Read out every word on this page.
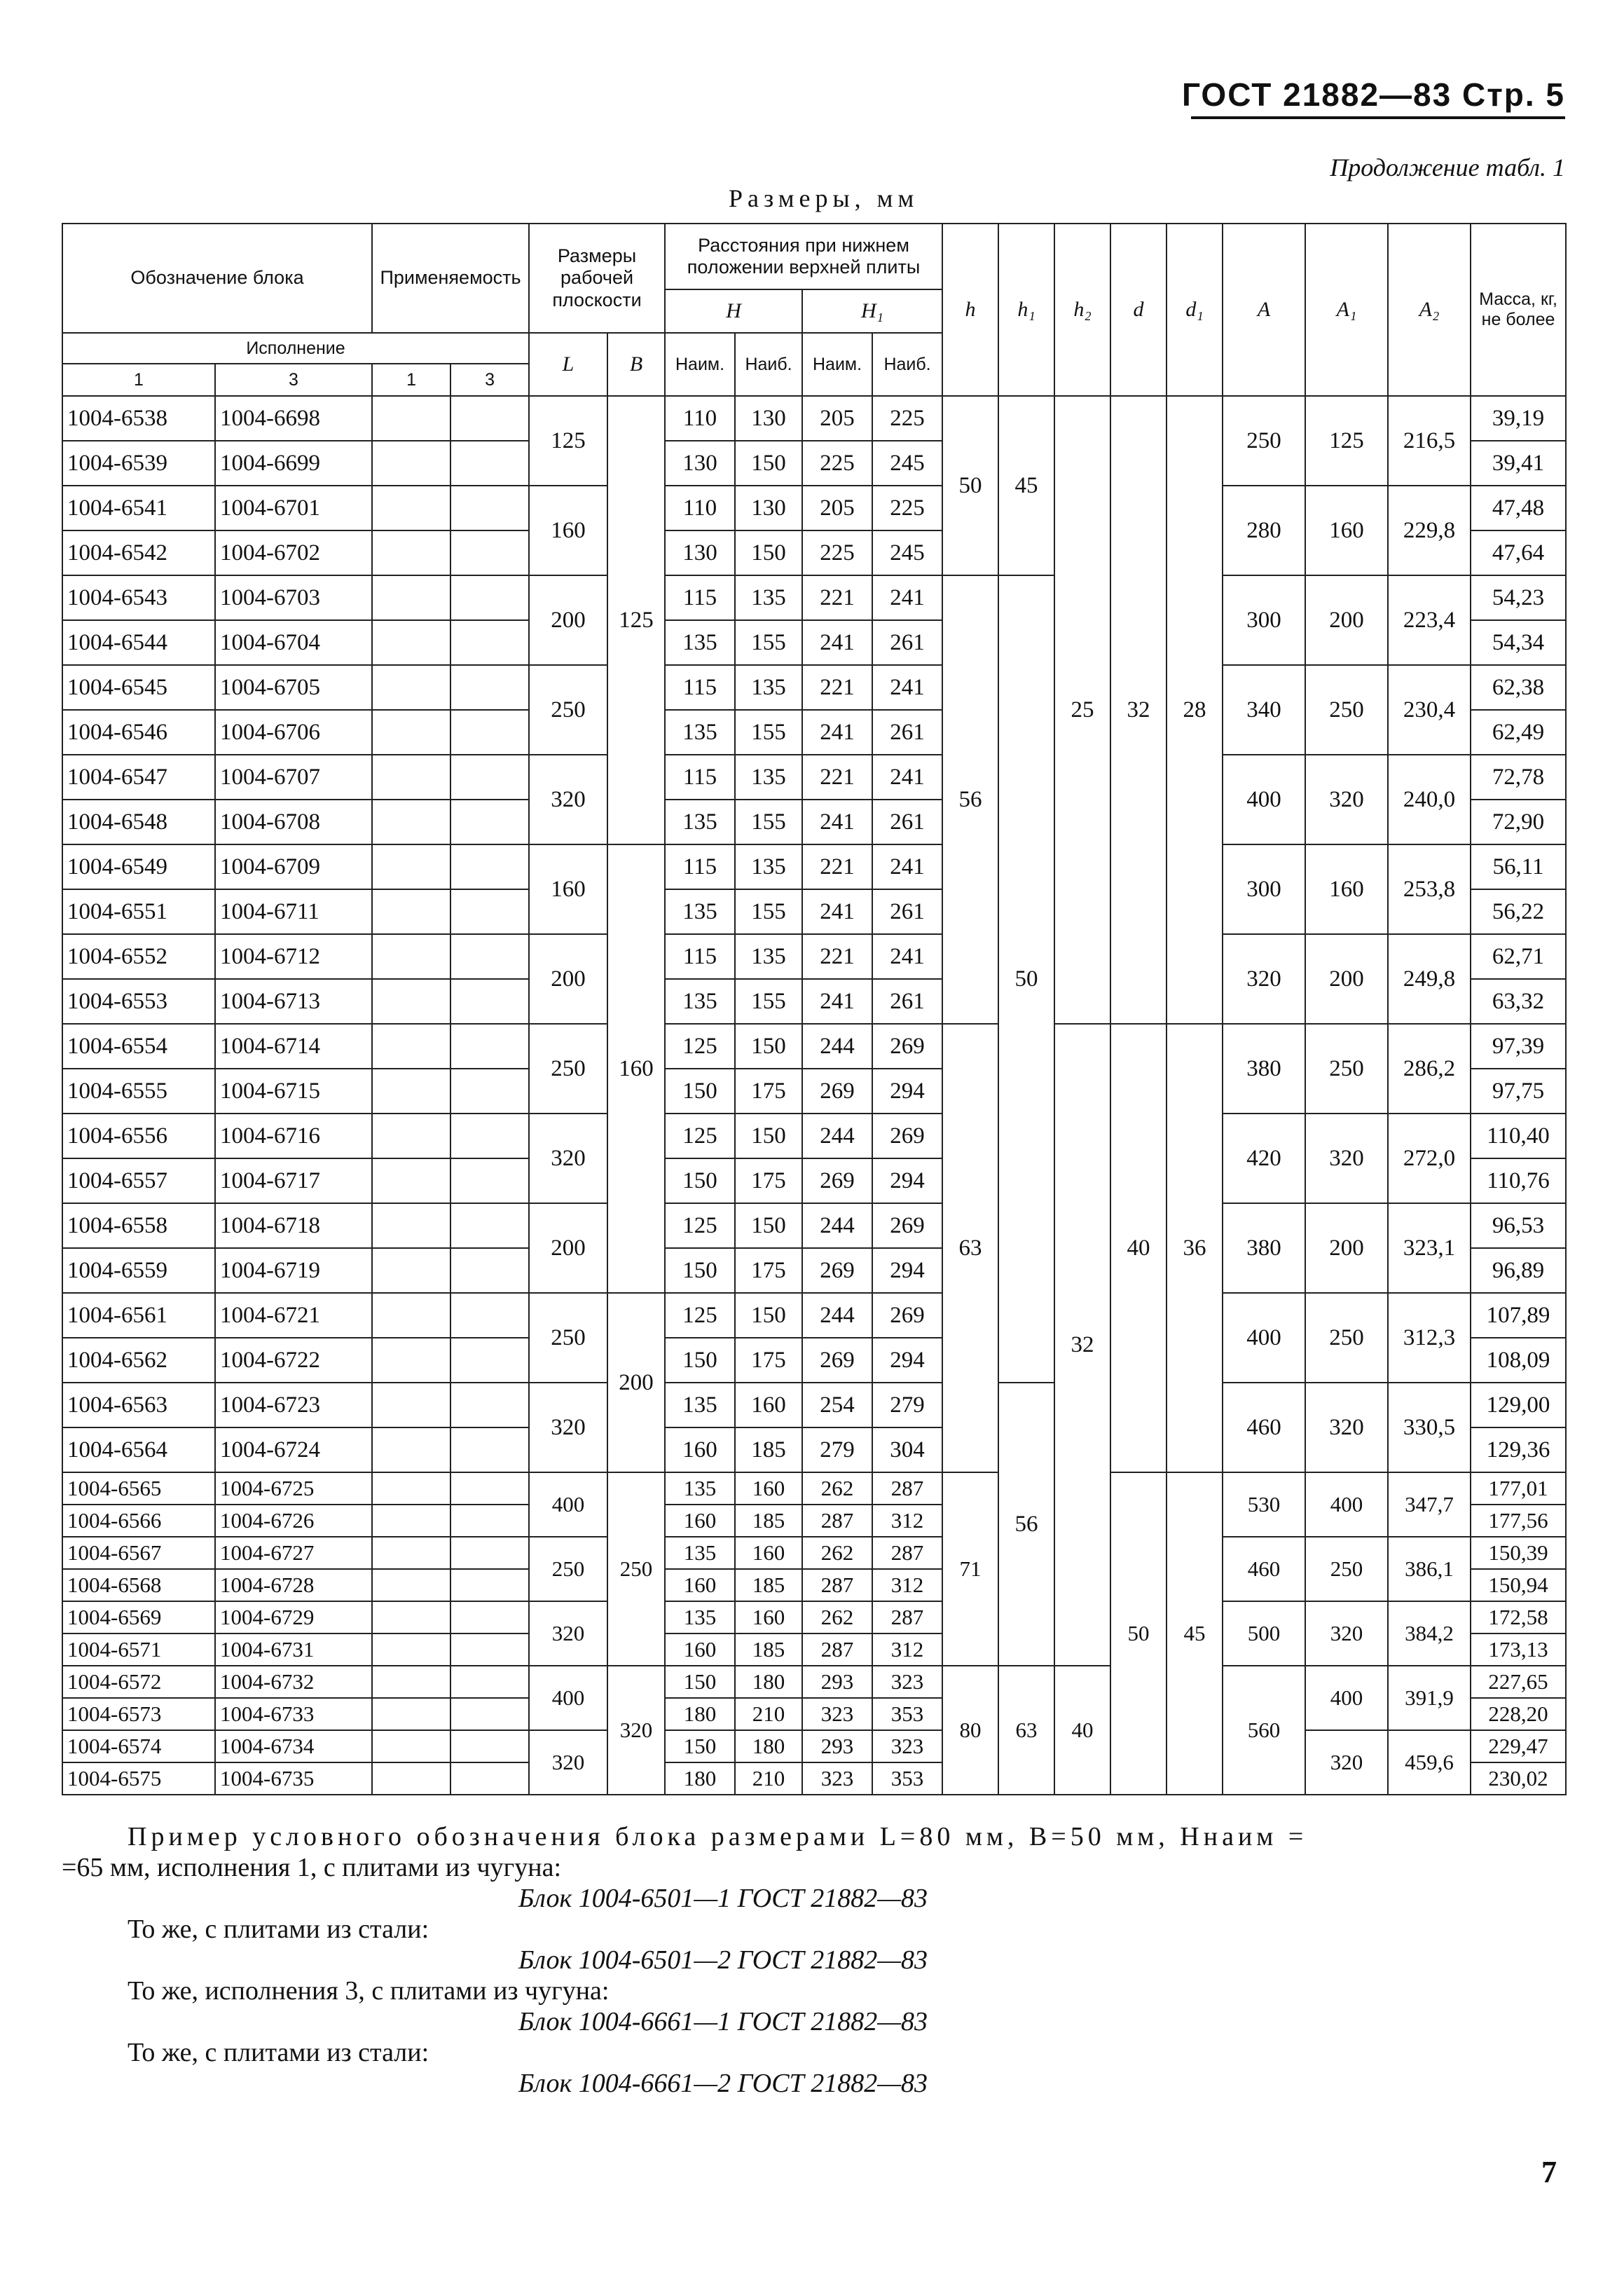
ГОСТ 21882—83 Стр. 5
Продолжение табл. 1
Размеры, мм
Обозначение блока		Применяемость		Размеры рабочей плоскости		Расстояния при нижнем положении верхней плиты				h	h₁	h₂	d	d₁	A	A₁	A₂	Масса, кг, не более
						H		H₁										
Исполнение				L	B	Наим.	Наиб.	Наим.	Наиб.									
1	3	1	3															
1004-6538	1004-6698			125	125	110	130	205	225	50	45	25	32	28	250	125	216,5	39,19
1004-6539	1004-6699					130	150	225	245									39,41
1004-6541	1004-6701			160		110	130	205	225						280	160	229,8	47,48
1004-6542	1004-6702					130	150	225	245									47,64
1004-6543	1004-6703			200		115	135	221	241	56	50				300	200	223,4	54,23
1004-6544	1004-6704					135	155	241	261									54,34
1004-6545	1004-6705			250		115	135	221	241						340	250	230,4	62,38
1004-6546	1004-6706					135	155	241	261									62,49
1004-6547	1004-6707			320		115	135	221	241						400	320	240,0	72,78
1004-6548	1004-6708					135	155	241	261									72,90
1004-6549	1004-6709			160	160	115	135	221	241						300	160	253,8	56,11
1004-6551	1004-6711					135	155	241	261									56,22
1004-6552	1004-6712			200		115	135	221	241						320	200	249,8	62,71
1004-6553	1004-6713					135	155	241	261									63,32
1004-6554	1004-6714			250		125	150	244	269	63		32	40	36	380	250	286,2	97,39
1004-6555	1004-6715					150	175	269	294									97,75
1004-6556	1004-6716			320		125	150	244	269						420	320	272,0	110,40
1004-6557	1004-6717					150	175	269	294									110,76
1004-6558	1004-6718			200		125	150	244	269						380	200	323,1	96,53
1004-6559	1004-6719					150	175	269	294									96,89
1004-6561	1004-6721			250	200	125	150	244	269						400	250	312,3	107,89
1004-6562	1004-6722					150	175	269	294									108,09
1004-6563	1004-6723			320		135	160	254	279		56				460	320	330,5	129,00
1004-6564	1004-6724					160	185	279	304									129,36
1004-6565	1004-6725			400	250	135	160	262	287	71			50	45	530	400	347,7	177,01
1004-6566	1004-6726					160	185	287	312									177,56
1004-6567	1004-6727			250		135	160	262	287						460	250	386,1	150,39
1004-6568	1004-6728					160	185	287	312									150,94
1004-6569	1004-6729			320		135	160	262	287						500	320	384,2	172,58
1004-6571	1004-6731					160	185	287	312									173,13
1004-6572	1004-6732			400	320	150	180	293	323	80	63	40			560	400	391,9	227,65
1004-6573	1004-6733					180	210	323	353									228,20
1004-6574	1004-6734			320		150	180	293	323							320	459,6	229,47
1004-6575	1004-6735					180	210	323	353									230,02
Пример условного обозначения блока размерами L=80 мм, B=50 мм, Hнаим =
=65 мм, исполнения 1, с плитами из чугуна:
Блок 1004-6501—1 ГОСТ 21882—83
То же, с плитами из стали:
Блок 1004-6501—2 ГОСТ 21882—83
То же, исполнения 3, с плитами из чугуна:
Блок 1004-6661—1 ГОСТ 21882—83
То же, с плитами из стали:
Блок 1004-6661—2 ГОСТ 21882—83
7
